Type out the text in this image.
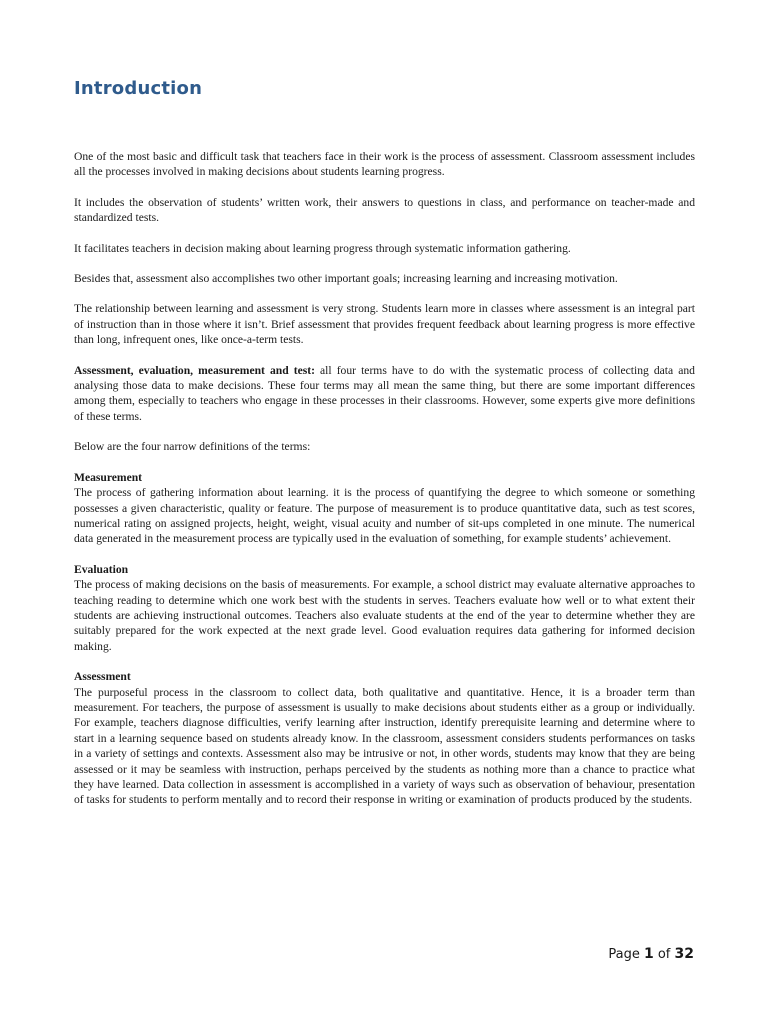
Introduction

One of the most basic and difficult task that teachers face in their work is the process of assessment. Classroom assessment includes all the processes involved in making decisions about students learning progress.

It includes the observation of students’ written work, their answers to questions in class, and performance on teacher-made and standardized tests.

It facilitates teachers in decision making about learning progress through systematic information gathering.

Besides that, assessment also accomplishes two other important goals; increasing learning and increasing motivation.

The relationship between learning and assessment is very strong. Students learn more in classes where assessment is an integral part of instruction than in those where it isn’t. Brief assessment that provides frequent feedback about learning progress is more effective than long, infrequent ones, like once-a-term tests.

Assessment, evaluation, measurement and test: all four terms have to do with the systematic process of collecting data and analysing those data to make decisions. These four terms may all mean the same thing, but there are some important differences among them, especially to teachers who engage in these processes in their classrooms. However, some experts give more definitions of these terms.

Below are the four narrow definitions of the terms:

Measurement

The process of gathering information about learning. it is the process of quantifying the degree to which someone or something possesses a given characteristic, quality or feature. The purpose of measurement is to produce quantitative data, such as test scores, numerical rating on assigned projects, height, weight, visual acuity and number of sit-ups completed in one minute. The numerical data generated in the measurement process are typically used in the evaluation of something, for example students’ achievement.

Evaluation

The process of making decisions on the basis of measurements. For example, a school district may evaluate alternative approaches to teaching reading to determine which one work best with the students in serves. Teachers evaluate how well or to what extent their students are achieving instructional outcomes. Teachers also evaluate students at the end of the year to determine whether they are suitably prepared for the work expected at the next grade level. Good evaluation requires data gathering for informed decision making.

Assessment

The purposeful process in the classroom to collect data, both qualitative and quantitative. Hence, it is a broader term than measurement. For teachers, the purpose of assessment is usually to make decisions about students either as a group or individually. For example, teachers diagnose difficulties, verify learning after instruction, identify prerequisite learning and determine where to start in a learning sequence based on students already know. In the classroom, assessment considers students performances on tasks in a variety of settings and contexts. Assessment also may be intrusive or not, in other words, students may know that they are being assessed or it may be seamless with instruction, perhaps perceived by the students as nothing more than a chance to practice what they have learned. Data collection in assessment is accomplished in a variety of ways such as observation of behaviour, presentation of tasks for students to perform mentally and to record their response in writing or examination of products produced by the students.

Page 1 of 32
